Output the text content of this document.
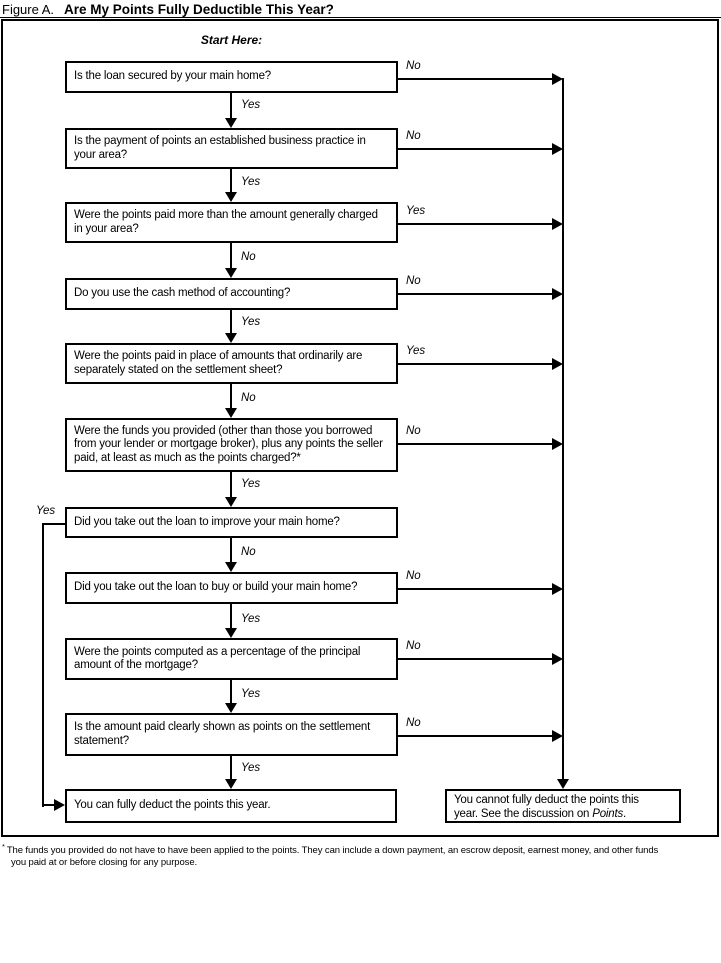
Figure A. Are My Points Fully Deductible This Year?
Start Here:
Is the loan secured by your main home?
Is the payment of points an established business practice in your area?
Were the points paid more than the amount generally charged in your area?
Do you use the cash method of accounting?
Were the points paid in place of amounts that ordinarily are separately stated on the settlement sheet?
Were the funds you provided (other than those you borrowed from your lender or mortgage broker), plus any points the seller paid, at least as much as the points charged?*
Did you take out the loan to improve your main home?
Did you take out the loan to buy or build your main home?
Were the points computed as a percentage of the principal amount of the mortgage?
Is the amount paid clearly shown as points on the settlement statement?
Yes
Yes
No
Yes
No
Yes
No
Yes
Yes
Yes
No
No
Yes
No
Yes
No
No
No
No
Yes
You can fully deduct the points this year.	You cannot fully deduct the points this
year. See the discussion on Points.
* The funds you provided do not have to have been applied to the points. They can include a down payment, an escrow deposit, earnest money, and other funds
you paid at or before closing for any purpose.
